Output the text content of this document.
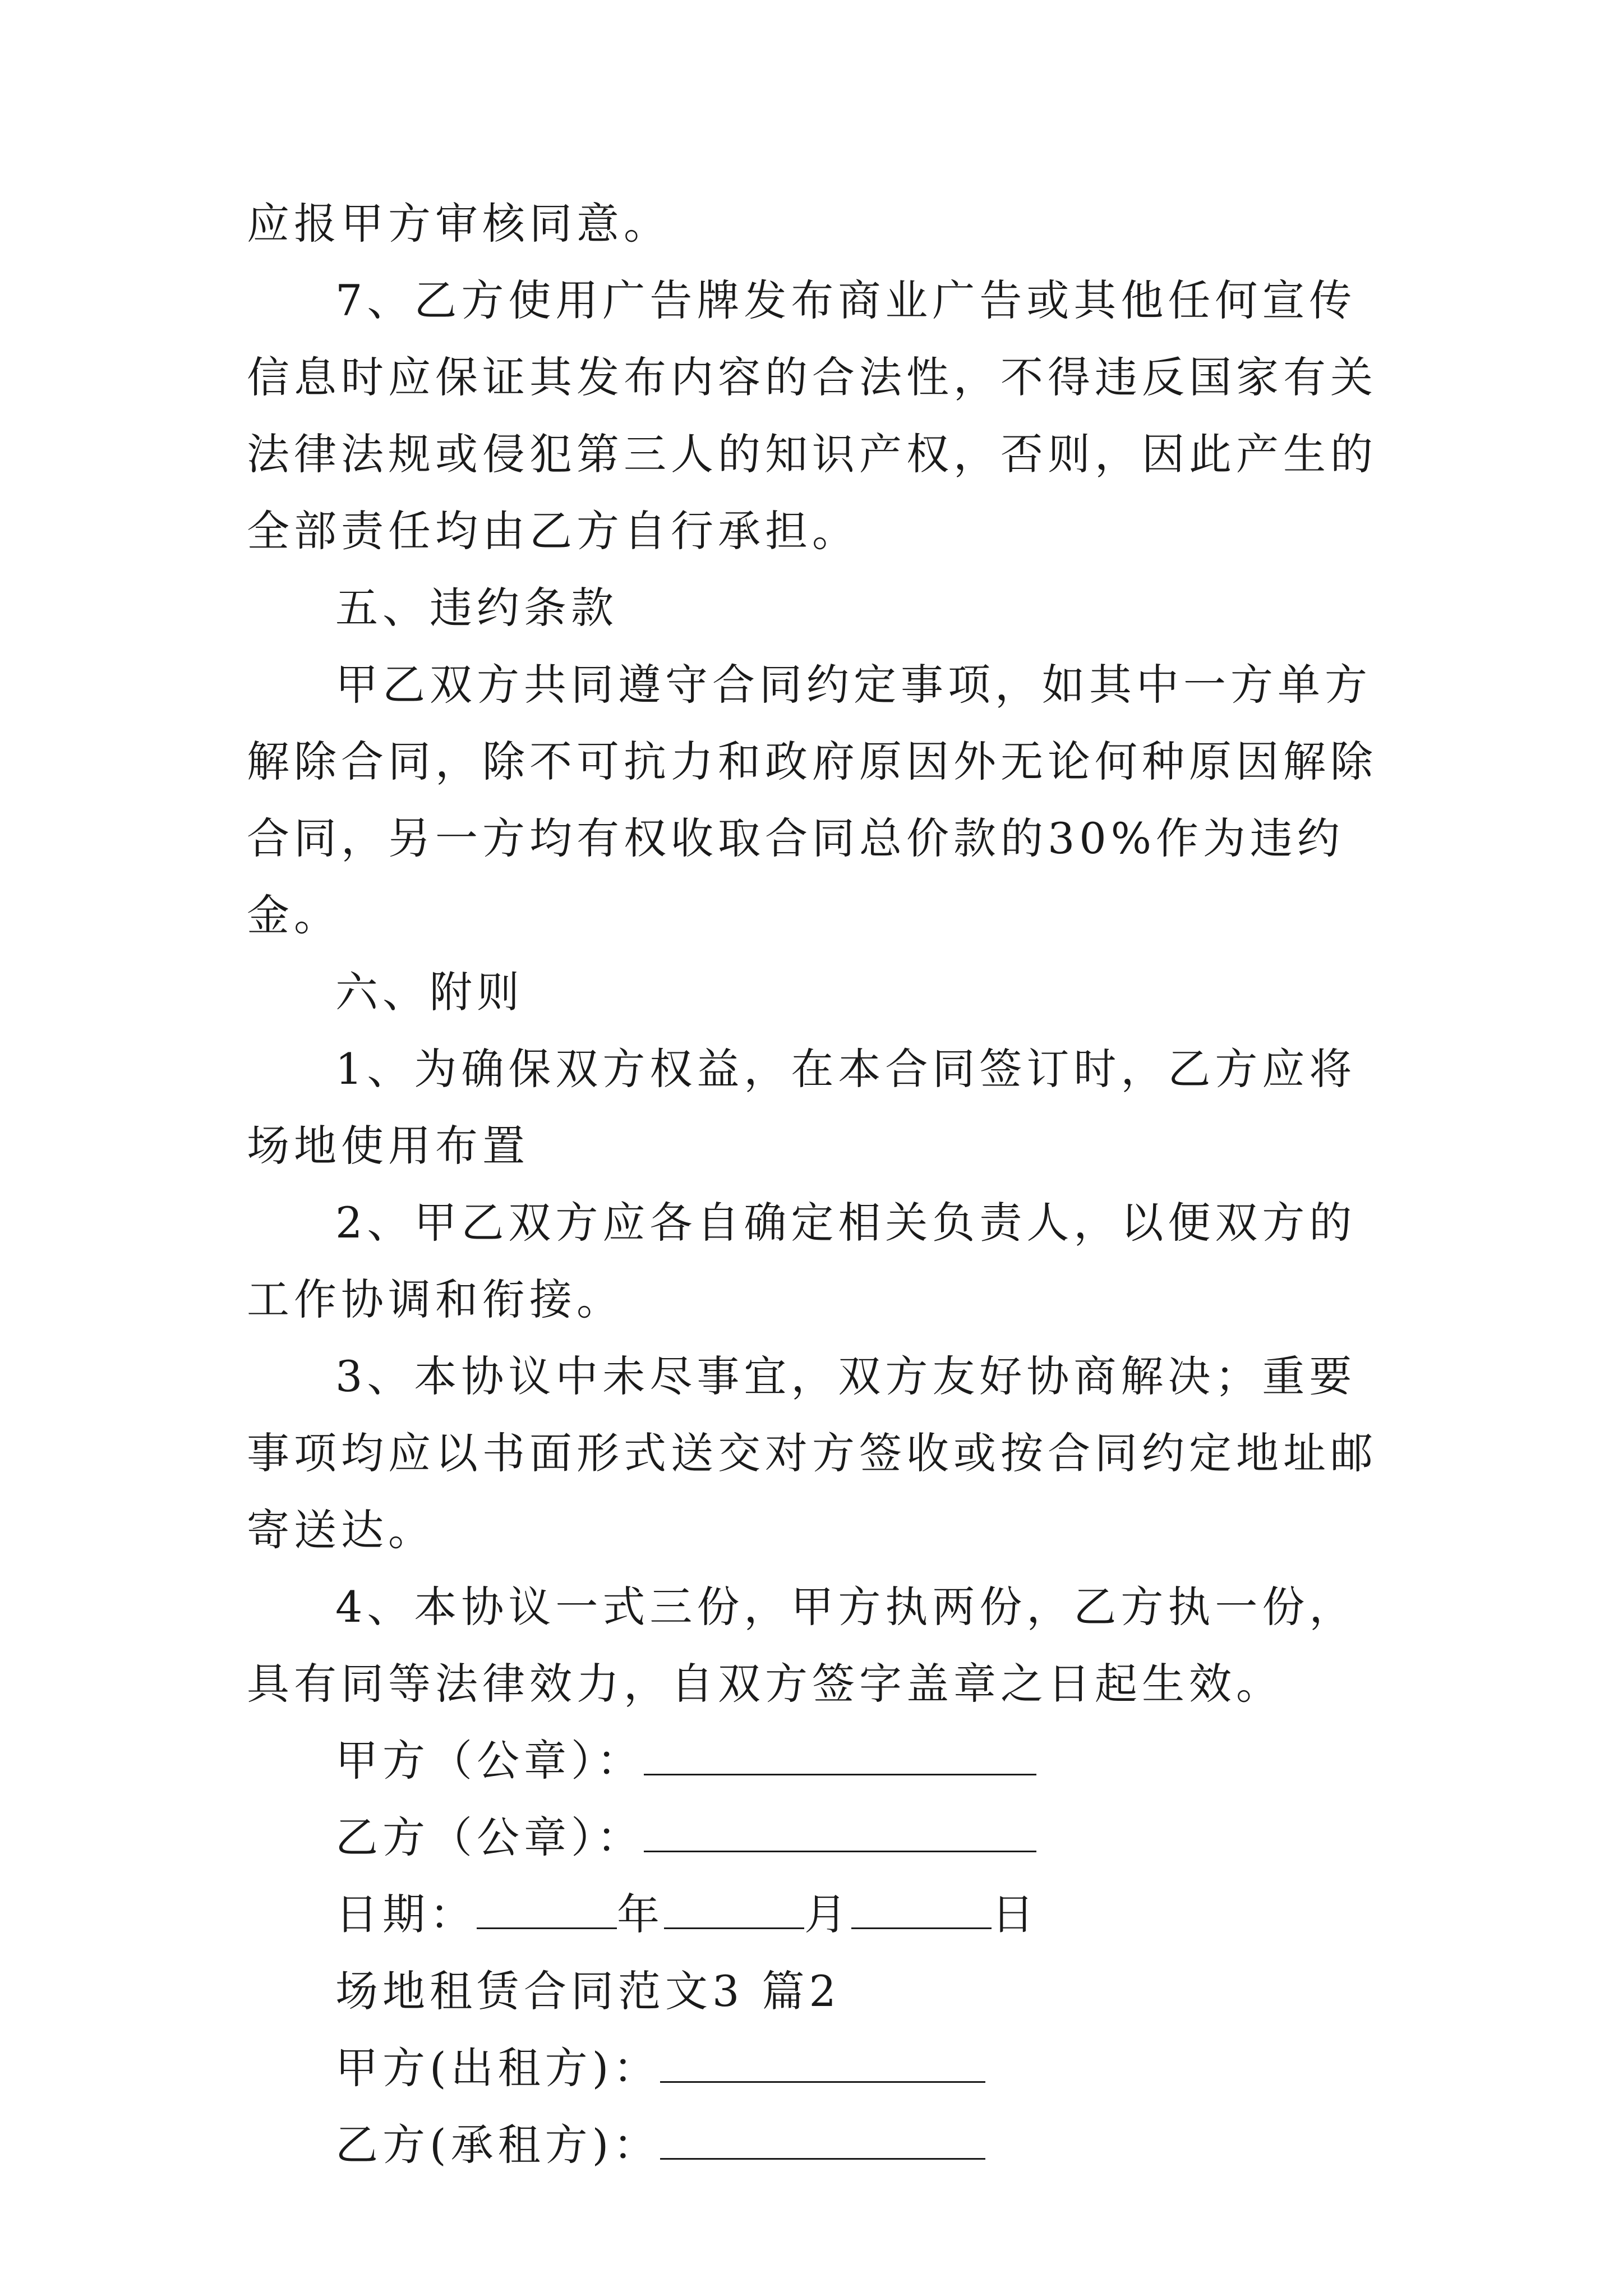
应报甲方审核同意。

7、乙方使用广告牌发布商业广告或其他任何宣传信息时应保证其发布内容的合法性，不得违反国家有关法律法规或侵犯第三人的知识产权，否则，因此产生的全部责任均由乙方自行承担。

五、违约条款

甲乙双方共同遵守合同约定事项，如其中一方单方解除合同，除不可抗力和政府原因外无论何种原因解除合同，另一方均有权收取合同总价款的30%作为违约金。

六、附则

1、为确保双方权益，在本合同签订时，乙方应将场地使用布置

2、甲乙双方应各自确定相关负责人，以便双方的工作协调和衔接。

3、本协议中未尽事宜，双方友好协商解决；重要事项均应以书面形式送交对方签收或按合同约定地址邮寄送达。

4、本协议一式三份，甲方执两份，乙方执一份，具有同等法律效力，自双方签字盖章之日起生效。

甲方（公章）：

乙方（公章）：

日期：	年	月	日

场地租赁合同范文3 篇2

甲方(出租方)：

乙方(承租方)：
